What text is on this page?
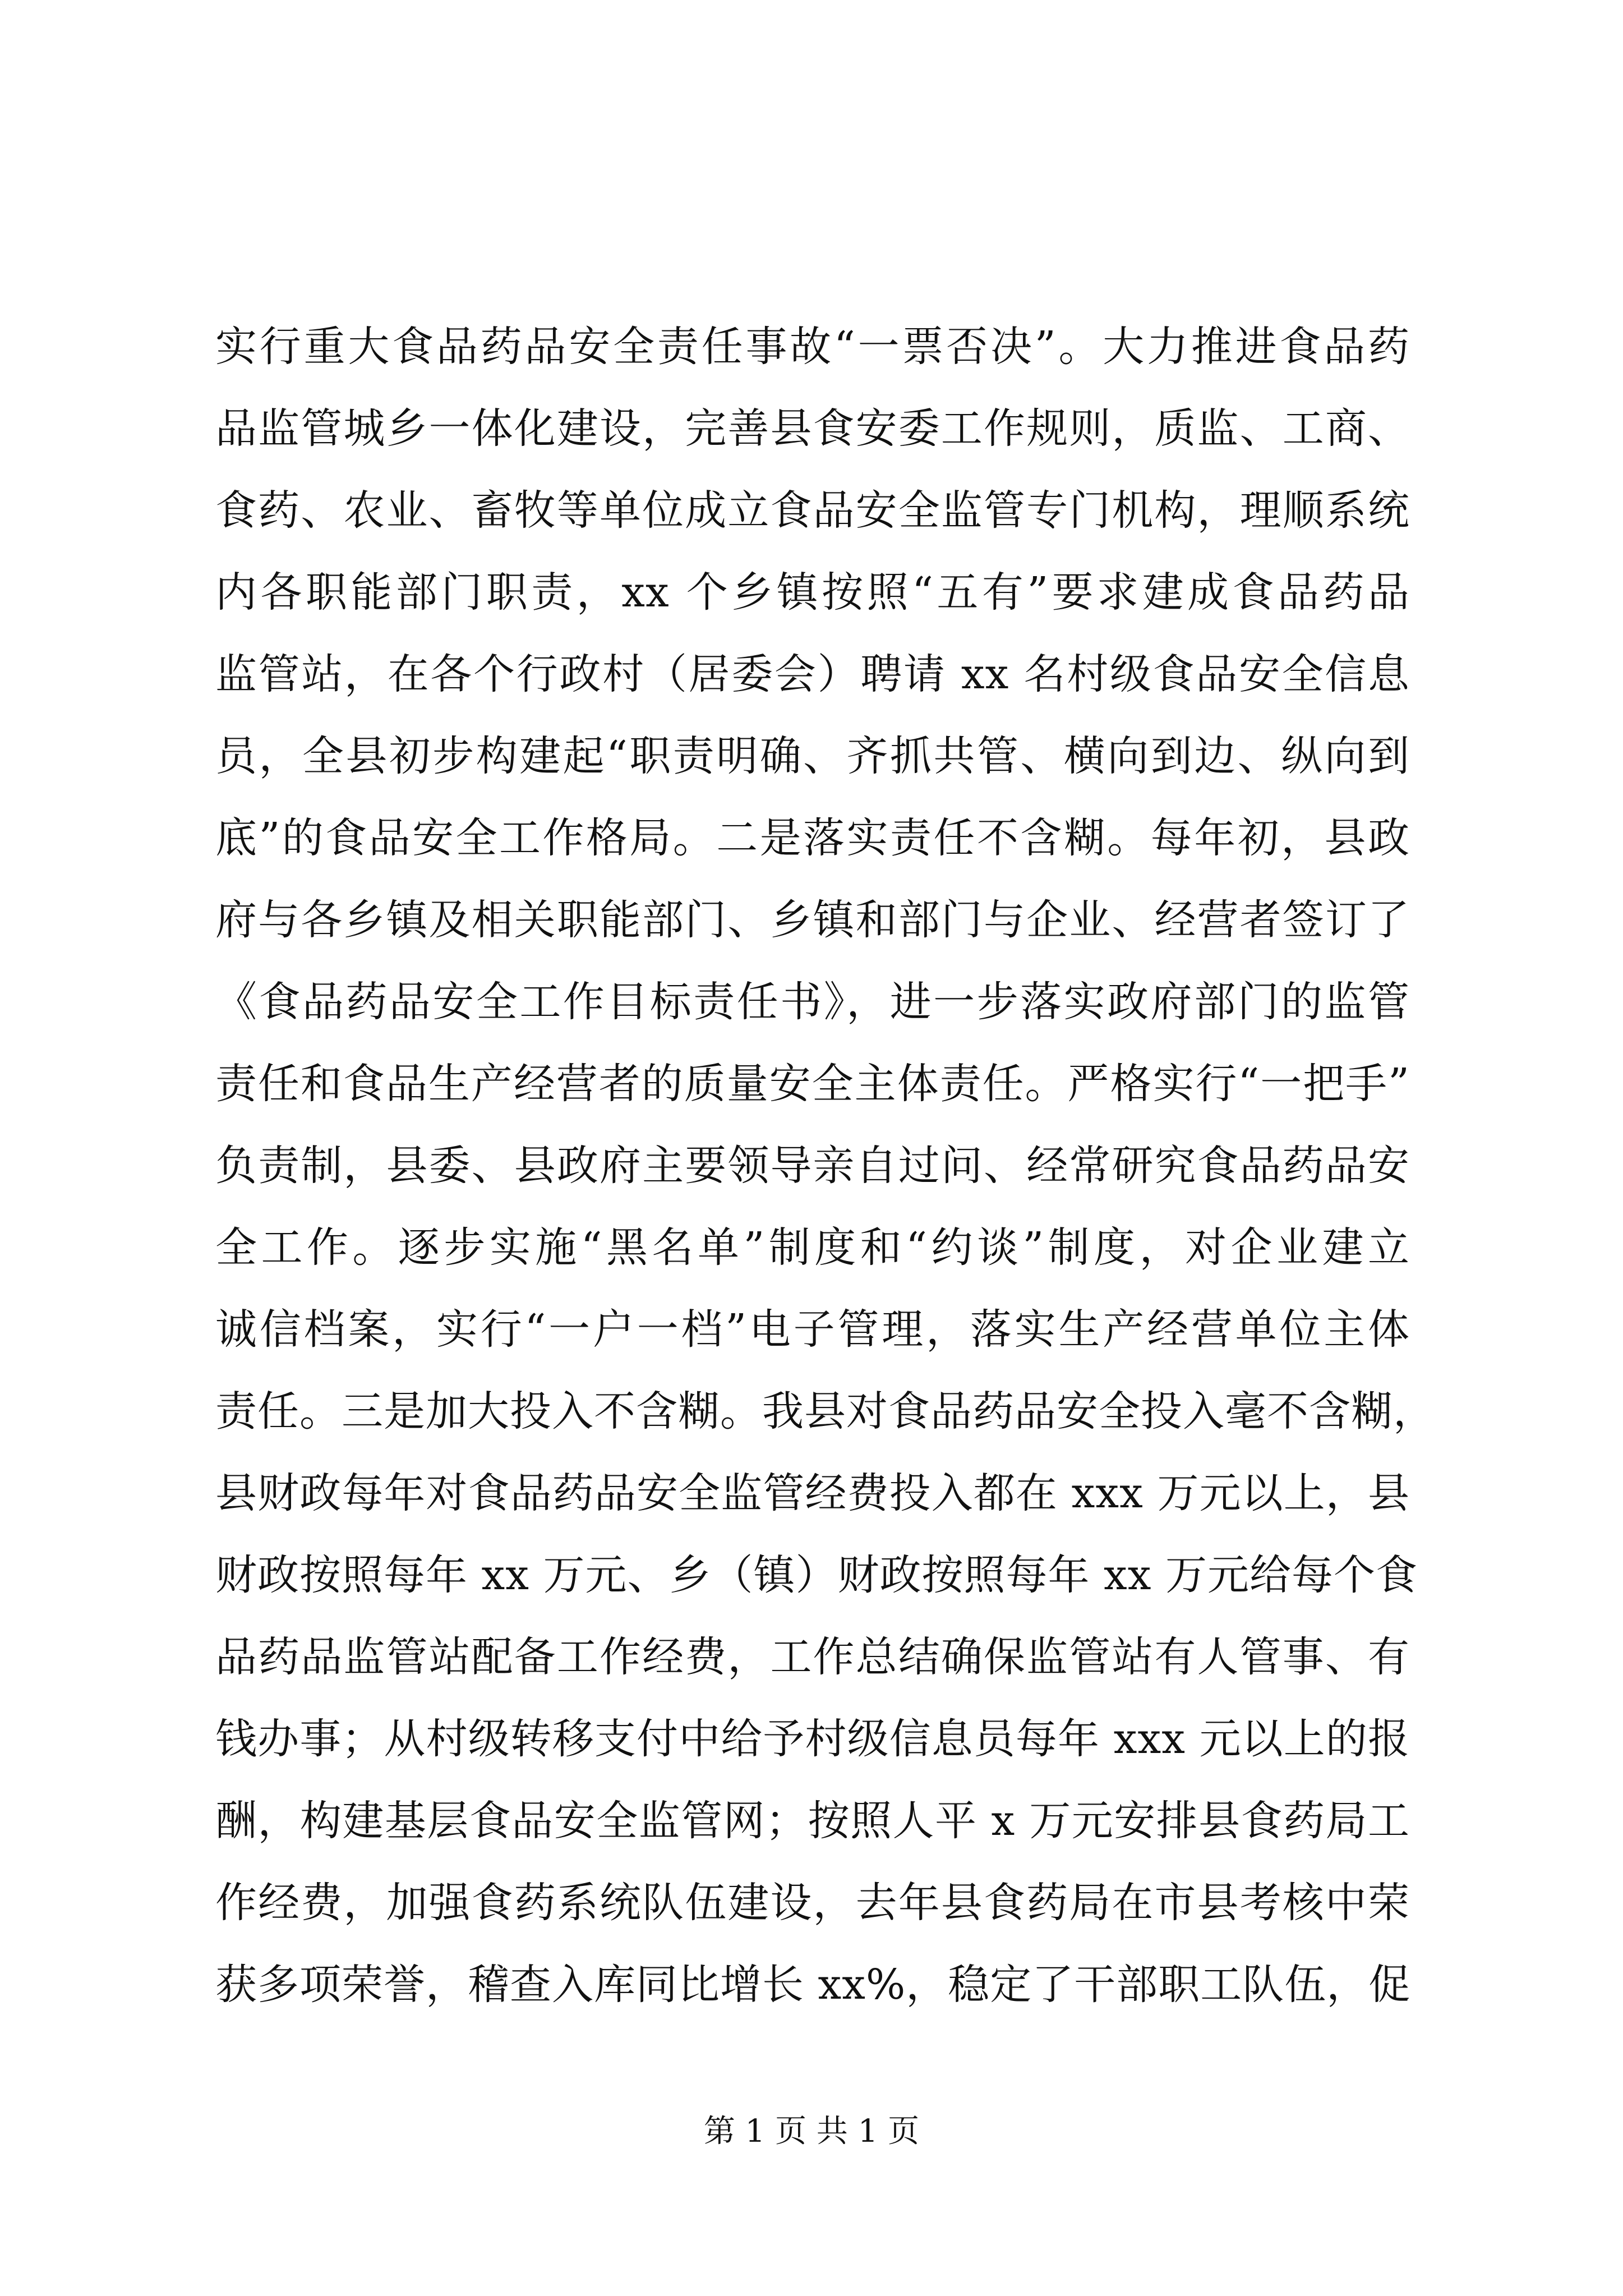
实行重大食品药品安全责任事故“一票否决”。大力推进食品药
品监管城乡一体化建设，完善县食安委工作规则，质监、工商、
食药、农业、畜牧等单位成立食品安全监管专门机构，理顺系统
内各职能部门职责，xx 个乡镇按照“五有”要求建成食品药品
监管站，在各个行政村（居委会）聘请 xx 名村级食品安全信息
员，全县初步构建起“职责明确、齐抓共管、横向到边、纵向到
底”的食品安全工作格局。二是落实责任不含糊。每年初，县政
府与各乡镇及相关职能部门、乡镇和部门与企业、经营者签订了
《食品药品安全工作目标责任书》，进一步落实政府部门的监管
责任和食品生产经营者的质量安全主体责任。严格实行“一把手”
负责制，县委、县政府主要领导亲自过问、经常研究食品药品安
全工作。逐步实施“黑名单”制度和“约谈”制度，对企业建立
诚信档案，实行“一户一档”电子管理，落实生产经营单位主体
责任。三是加大投入不含糊。我县对食品药品安全投入毫不含糊，
县财政每年对食品药品安全监管经费投入都在 xxx 万元以上，县
财政按照每年 xx 万元、乡（镇）财政按照每年 xx 万元给每个食
品药品监管站配备工作经费，工作总结确保监管站有人管事、有
钱办事；从村级转移支付中给予村级信息员每年 xxx 元以上的报
酬，构建基层食品安全监管网；按照人平 x 万元安排县食药局工
作经费，加强食药系统队伍建设，去年县食药局在市县考核中荣
获多项荣誉，稽查入库同比增长 xx%，稳定了干部职工队伍，促
第 1 页 共 1 页
